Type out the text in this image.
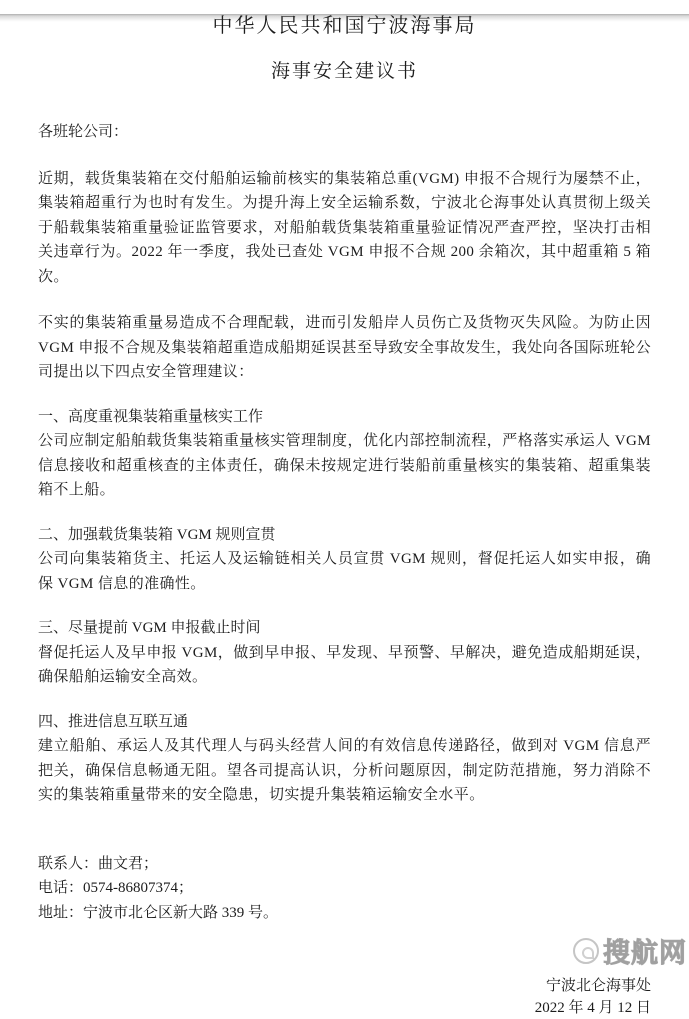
中华人民共和国宁波海事局
海事安全建议书
各班轮公司：

近期，载货集装箱在交付船舶运输前核实的集装箱总重(VGM) 申报不合规行为屡禁不止，集装箱超重行为也时有发生。为提升海上安全运输系数，宁波北仑海事处认真贯彻上级关于船载集装箱重量验证监管要求，对船舶载货集装箱重量验证情况严查严控，坚决打击相关违章行为。2022 年一季度，我处已查处 VGM 申报不合规 200 余箱次，其中超重箱 5 箱次。

不实的集装箱重量易造成不合理配载，进而引发船岸人员伤亡及货物灭失风险。为防止因 VGM 申报不合规及集装箱超重造成船期延误甚至导致安全事故发生，我处向各国际班轮公司提出以下四点安全管理建议：

一、高度重视集装箱重量核实工作

公司应制定船舶载货集装箱重量核实管理制度，优化内部控制流程，严格落实承运人 VGM 信息接收和超重核查的主体责任，确保未按规定进行装船前重量核实的集装箱、超重集装箱不上船。

二、加强载货集装箱 VGM 规则宣贯

公司向集装箱货主、托运人及运输链相关人员宣贯 VGM 规则，督促托运人如实申报，确保 VGM 信息的准确性。

三、尽量提前 VGM 申报截止时间

督促托运人及早申报 VGM，做到早申报、早发现、早预警、早解决，避免造成船期延误，确保船舶运输安全高效。

四、推进信息互联互通

建立船舶、承运人及其代理人与码头经营人间的有效信息传递路径，做到对 VGM 信息严把关，确保信息畅通无阻。望各司提高认识，分析问题原因，制定防范措施，努力消除不实的集装箱重量带来的安全隐患，切实提升集装箱运输安全水平。

联系人：曲文君；

电话：0574-86807374；

地址：宁波市北仑区新大路 339 号。

宁波北仑海事处

2022 年 4 月 12 日

搜航网
